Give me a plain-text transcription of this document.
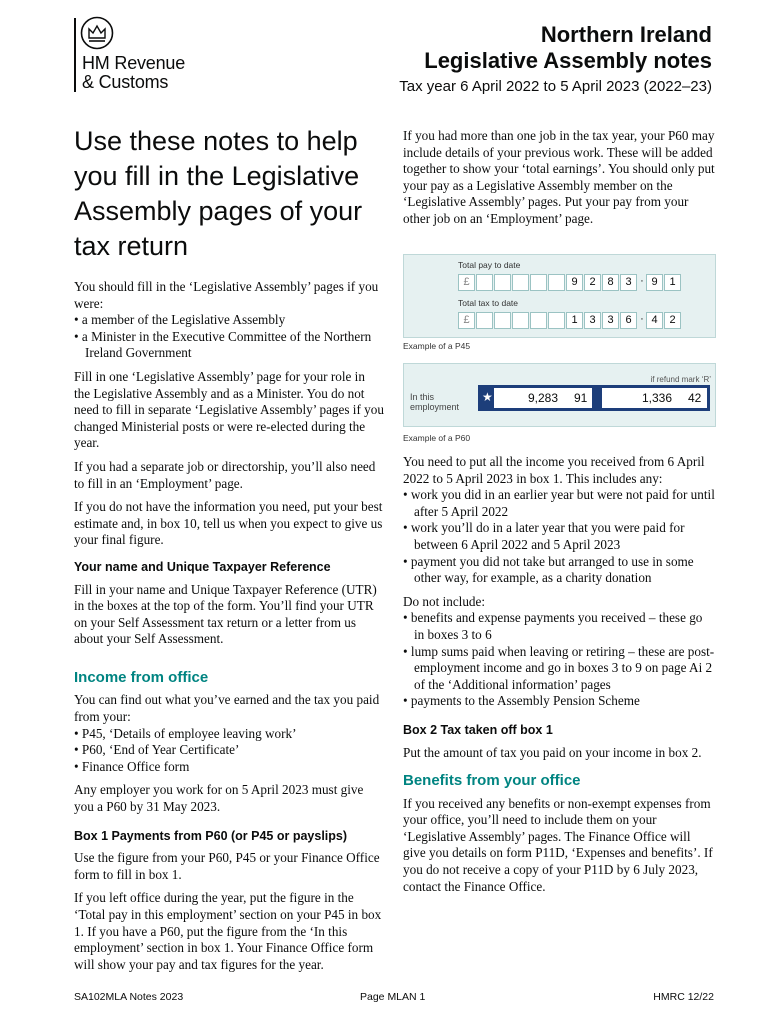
HM Revenue
& Customs
Northern Ireland
Legislative Assembly notes
Tax year 6 April 2022 to 5 April 2023 (2022–23)
Use these notes to help you fill in the Legislative Assembly pages of your tax return

You should fill in the ‘Legislative Assembly’ pages if you were:

• a member of the Legislative Assembly
• a Minister in the Executive Committee of the Northern Ireland Government

Fill in one ‘Legislative Assembly’ page for your role in the Legislative Assembly and as a Minister. You do not need to fill in separate ‘Legislative Assembly’ pages if you changed Ministerial posts or were re-elected during the year.

If you had a separate job or directorship, you’ll also need to fill in an ‘Employment’ page.

If you do not have the information you need, put your best estimate and, in box 10, tell us when you expect to give us your final figure.

Your name and Unique Taxpayer Reference

Fill in your name and Unique Taxpayer Reference (UTR) in the boxes at the top of the form. You’ll find your UTR on your Self Assessment tax return or a letter from us about your Self Assessment.

Income from office

You can find out what you’ve earned and the tax you paid from your:

• P45, ‘Details of employee leaving work’
• P60, ‘End of Year Certificate’
• Finance Office form

Any employer you work for on 5 April 2023 must give you a P60 by 31 May 2023.

Box 1 Payments from P60 (or P45 or payslips)

Use the figure from your P60, P45 or your Finance Office form to fill in box 1.

If you left office during the year, put the figure in the ‘Total pay in this employment’ section on your P45 in box 1. If you have a P60, put the figure from the ‘In this employment’ section in box 1. Your Finance Office form will show your pay and tax figures for the year.

If you had more than one job in the tax year, your P60 may include details of your previous work. These will be added together to show your ‘total earnings’. You should only put your pay as a Legislative Assembly member on the ‘Legislative Assembly’ pages. Put your pay from your other job on an ‘Employment’ page.
Total pay to date
£	9	2	8	3 · 9	1
Total tax to date
£	1	3	3	6 · 4	2
Example of a P45
if refund mark ‘R’
In this employment
★	9,283 91	1,336 42
Example of a P60

You need to put all the income you received from 6 April 2022 to 5 April 2023 in box 1. This includes any:

• work you did in an earlier year but were not paid for until after 5 April 2022
• work you’ll do in a later year that you were paid for between 6 April 2022 and 5 April 2023
• payment you did not take but arranged to use in some other way, for example, as a charity donation

Do not include:

• benefits and expense payments you received – these go in boxes 3 to 6
• lump sums paid when leaving or retiring – these are post-employment income and go in boxes 3 to 9 on page Ai 2 of the ‘Additional information’ pages
• payments to the Assembly Pension Scheme
Box 2 Tax taken off box 1

Put the amount of tax you paid on your income in box 2.

Benefits from your office

If you received any benefits or non-exempt expenses from your office, you’ll need to include them on your ‘Legislative Assembly’ pages. The Finance Office will give you details on form P11D, ‘Expenses and benefits’. If you do not receive a copy of your P11D by 6 July 2023, contact the Finance Office.

SA102MLA Notes 2023	Page MLAN 1	HMRC 12/22
